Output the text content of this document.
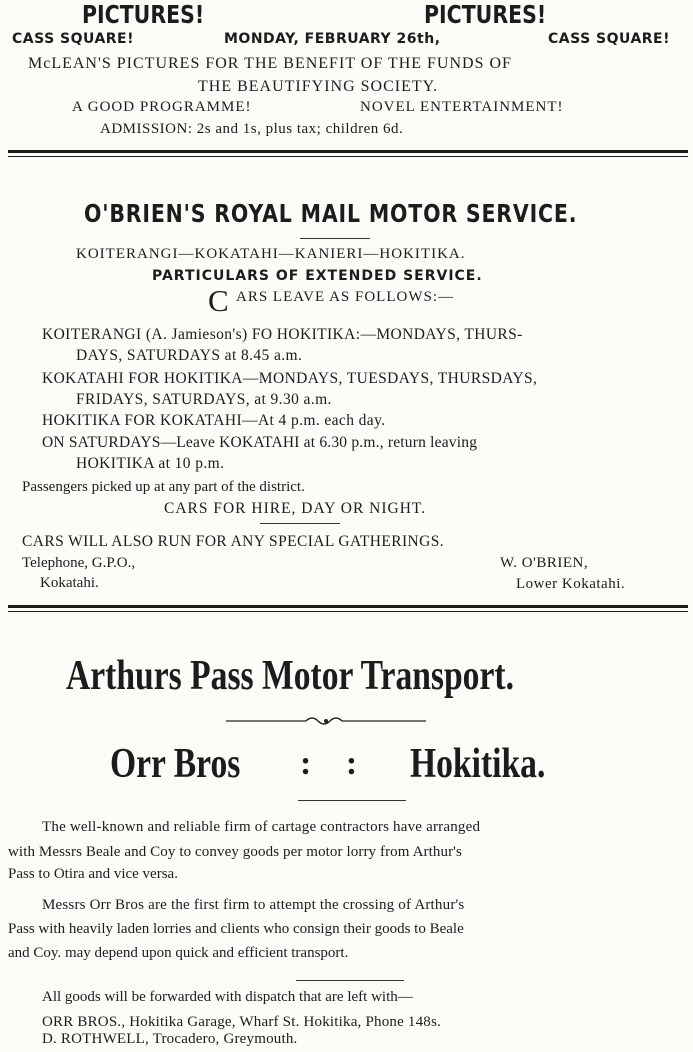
PICTURES!	PICTURES!
CASS SQUARE!	MONDAY, FEBRUARY 26th,	CASS SQUARE!
McLEAN'S PICTURES FOR THE BENEFIT OF THE FUNDS OF
THE BEAUTIFYING SOCIETY.
A GOOD PROGRAMME!	NOVEL ENTERTAINMENT!
ADMISSION: 2s and 1s, plus tax; children 6d.
O'BRIEN'S ROYAL MAIL MOTOR SERVICE.
KOITERANGI—KOKATAHI—KANIERI—HOKITIKA.
PARTICULARS OF EXTENDED SERVICE.
C ARS LEAVE AS FOLLOWS:—
KOITERANGI (A. Jamieson's) FO HOKITIKA:—MONDAYS, THURS-
DAYS, SATURDAYS at 8.45 a.m.
KOKATAHI FOR HOKITIKA—MONDAYS, TUESDAYS, THURSDAYS,
FRIDAYS, SATURDAYS, at 9.30 a.m.
HOKITIKA FOR KOKATAHI—At 4 p.m. each day.
ON SATURDAYS—Leave KOKATAHI at 6.30 p.m., return leaving
HOKITIKA at 10 p.m.
Passengers picked up at any part of the district.
CARS FOR HIRE, DAY OR NIGHT.
CARS WILL ALSO RUN FOR ANY SPECIAL GATHERINGS.
Telephone, G.P.O.,
Kokatahi.
W. O'BRIEN,
Lower Kokatahi.
Arthurs Pass Motor Transport.
Orr Bros : : Hokitika.
The well-known and reliable firm of cartage contractors have arranged
with Messrs Beale and Coy to convey goods per motor lorry from Arthur's
Pass to Otira and vice versa.
Messrs Orr Bros are the first firm to attempt the crossing of Arthur's
Pass with heavily laden lorries and clients who consign their goods to Beale
and Coy. may depend upon quick and efficient transport.
All goods will be forwarded with dispatch that are left with—
ORR BROS., Hokitika Garage, Wharf St. Hokitika, Phone 148s.
D. ROTHWELL, Trocadero, Greymouth.
